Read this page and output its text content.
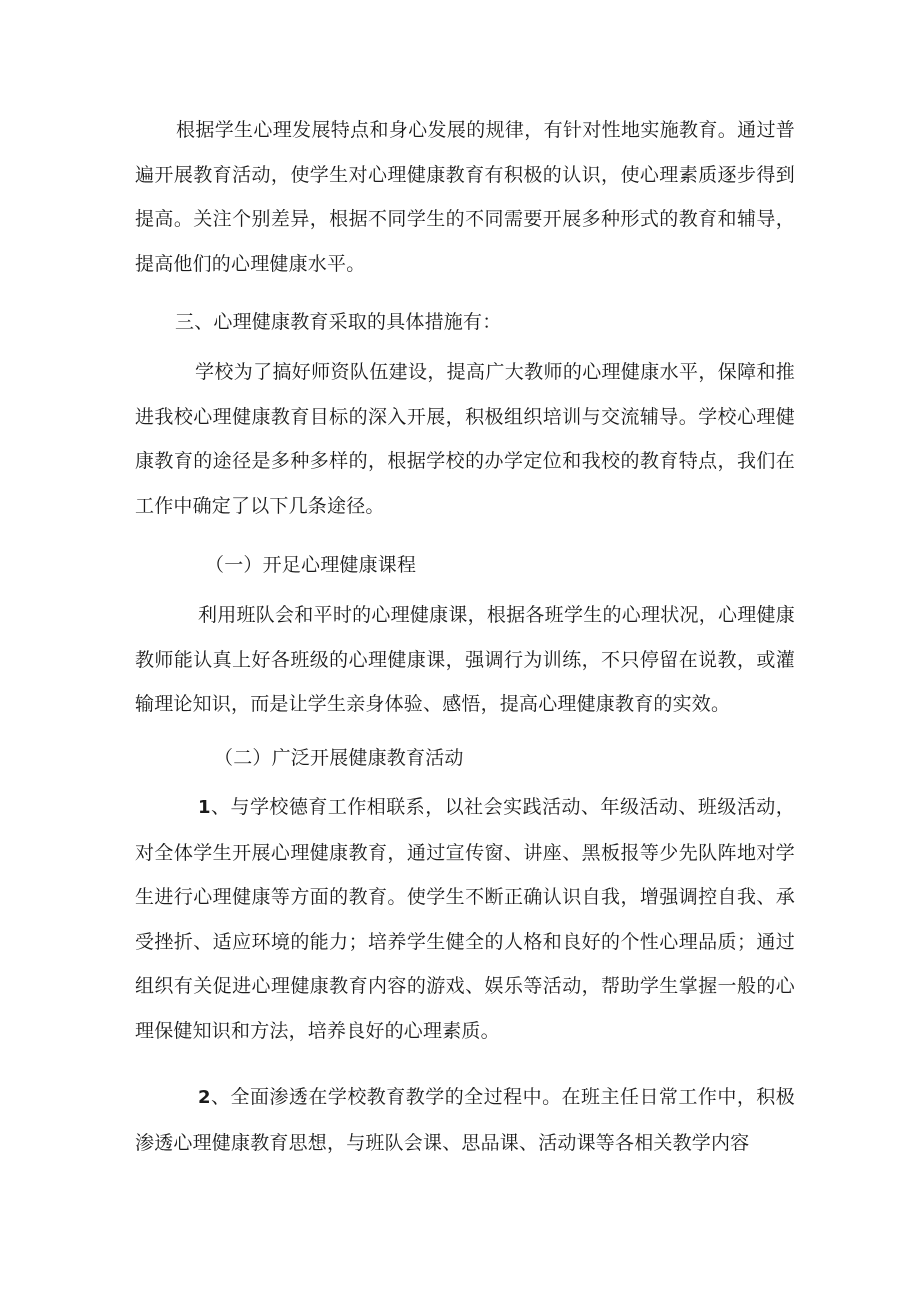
根据学生心理发展特点和身心发展的规律，有针对性地实施教育。通过普遍开展教育活动，使学生对心理健康教育有积极的认识，使心理素质逐步得到提高。关注个别差异，根据不同学生的不同需要开展多种形式的教育和辅导，提高他们的心理健康水平。

三、心理健康教育采取的具体措施有：

学校为了搞好师资队伍建设，提高广大教师的心理健康水平，保障和推进我校心理健康教育目标的深入开展，积极组织培训与交流辅导。学校心理健康教育的途径是多种多样的，根据学校的办学定位和我校的教育特点，我们在工作中确定了以下几条途径。

（一）开足心理健康课程

利用班队会和平时的心理健康课，根据各班学生的心理状况，心理健康教师能认真上好各班级的心理健康课，强调行为训练，不只停留在说教，或灌输理论知识，而是让学生亲身体验、感悟，提高心理健康教育的实效。

（二）广泛开展健康教育活动

1、与学校德育工作相联系，以社会实践活动、年级活动、班级活动，对全体学生开展心理健康教育，通过宣传窗、讲座、黑板报等少先队阵地对学生进行心理健康等方面的教育。使学生不断正确认识自我，增强调控自我、承受挫折、适应环境的能力；培养学生健全的人格和良好的个性心理品质；通过组织有关促进心理健康教育内容的游戏、娱乐等活动，帮助学生掌握一般的心理保健知识和方法，培养良好的心理素质。

2、全面渗透在学校教育教学的全过程中。在班主任日常工作中，积极渗透心理健康教育思想，与班队会课、思品课、活动课等各相关教学内容
